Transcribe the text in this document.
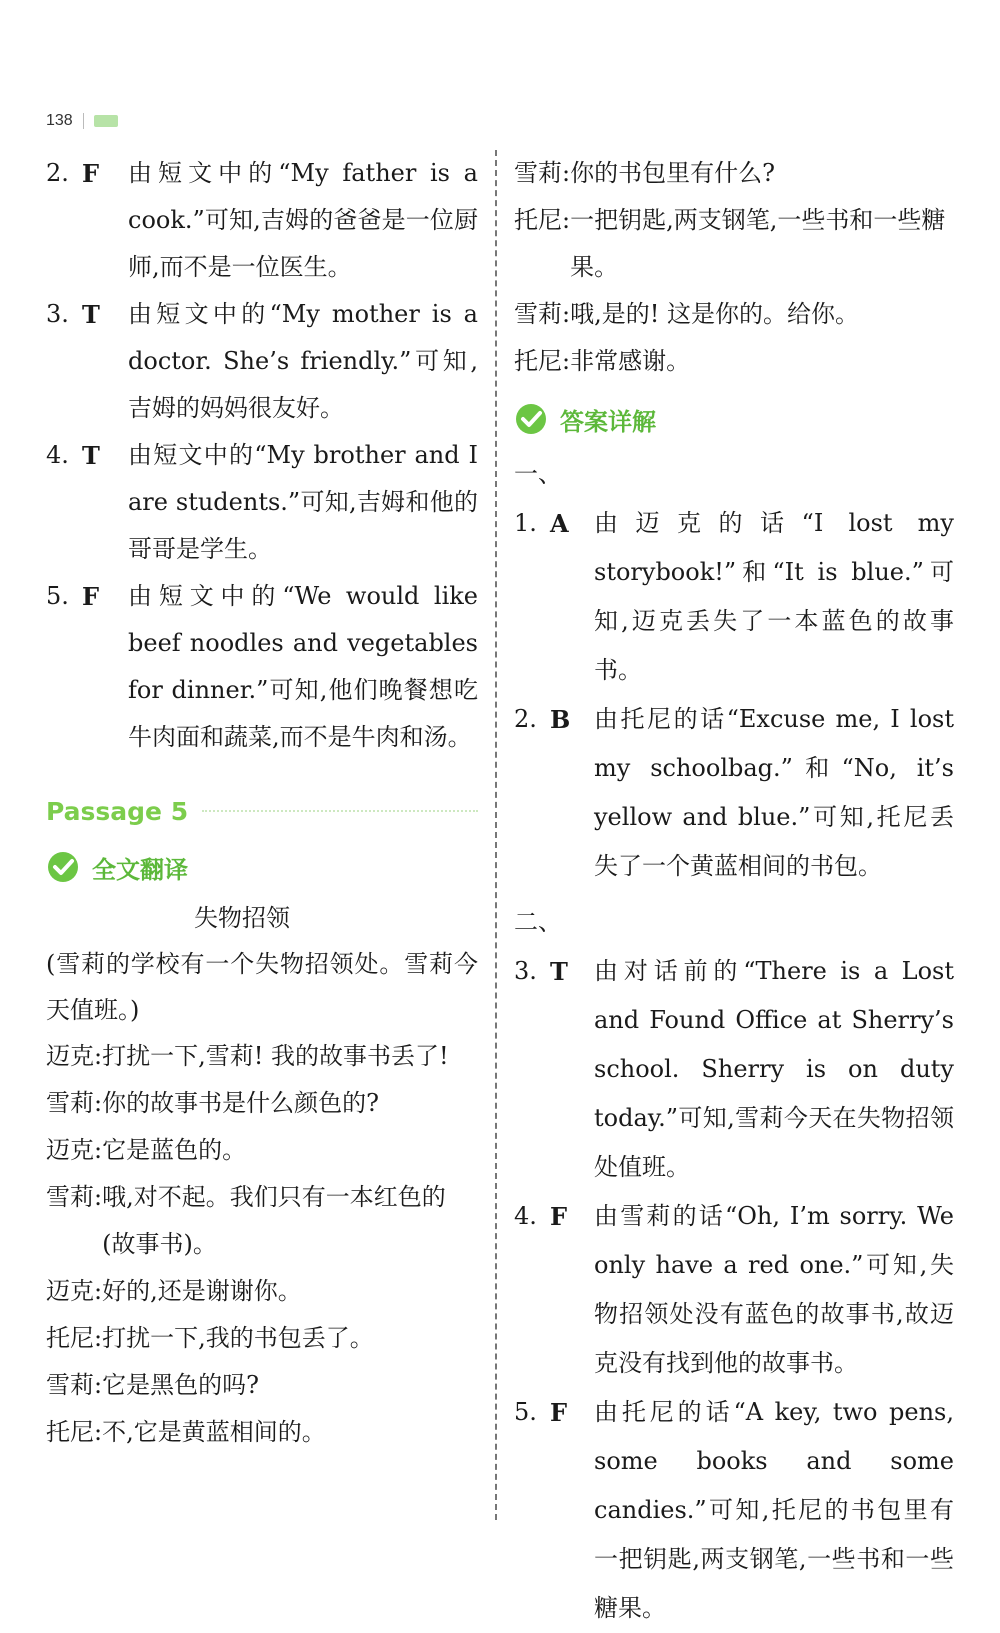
138
2. F	由短文中的“My father is a cook.”可知,吉姆的爸爸是一位厨师,而不是一位医生。
3. T	由短文中的“My mother is a doctor. She’s friendly.”可知,吉姆的妈妈很友好。
4. T	由短文中的“My brother and I are students.”可知,吉姆和他的哥哥是学生。
5. F	由短文中的“We would like beef noodles and vegetables for dinner.”可知,他们晚餐想吃牛肉面和蔬菜,而不是牛肉和汤。
Passage 5
全文翻译
失物招领
(雪莉的学校有一个失物招领处。雪莉今天值班。)
迈克: 打扰一下,雪莉! 我的故事书丢了!
雪莉: 你的故事书是什么颜色的?
迈克: 它是蓝色的。
雪莉: 哦,对不起。我们只有一本红色的(故事书)。
迈克: 好的,还是谢谢你。
托尼: 打扰一下,我的书包丢了。
雪莉: 它是黑色的吗?
托尼: 不,它是黄蓝相间的。
雪莉: 你的书包里有什么?
托尼: 一把钥匙,两支钢笔,一些书和一些糖果。
雪莉: 哦,是的! 这是你的。给你。
托尼: 非常感谢。
答案详解
一、
1. A	由迈克的话“I lost my storybook!”和“It is blue.”可知,迈克丢失了一本蓝色的故事书。
2. B 由托尼的话“Excuse me, I lost my schoolbag.”和“No, it’s yellow and blue.”可知,托尼丢失了一个黄蓝相间的书包。
二、
3. T	由对话前的“There is a Lost and Found Office at Sherry’s school. Sherry is on duty today.”可知,雪莉今天在失物招领处值班。
4. F	由雪莉的话“Oh, I’m sorry. We only have a red one.”可知,失物招领处没有蓝色的故事书,故迈克没有找到他的故事书。
5. F	由托尼的话“A key, two pens, some books and some candies.”可知,托尼的书包里有一把钥匙,两支钢笔,一些书和一些糖果。
